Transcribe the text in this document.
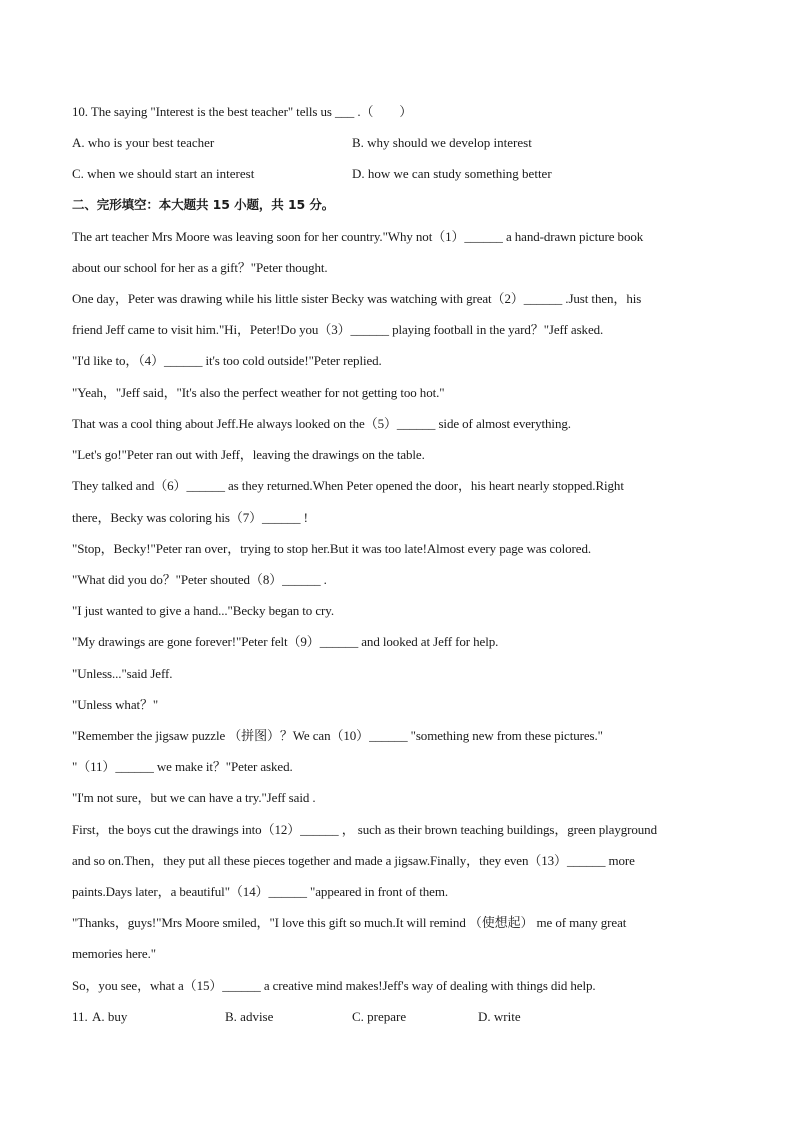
10. The saying "Interest is the best teacher" tells us ___ .（　　）
A. who is your best teacher	B. why should we develop interest
C. when we should start an interest	D. how we can study something better
二、完形填空：本大题共 15 小题，共 15 分。
The art teacher Mrs Moore was leaving soon for her country."Why not（1）______ a hand-drawn picture book
about our school for her as a gift？"Peter thought.
One day，Peter was drawing while his little sister Becky was watching with great（2）______ .Just then，his
friend Jeff came to visit him."Hi，Peter!Do you（3）______ playing football in the yard？"Jeff asked.
"I'd like to，（4）______ it's too cold outside!"Peter replied.
"Yeah，"Jeff said，"It's also the perfect weather for not getting too hot."
That was a cool thing about Jeff.He always looked on the（5）______ side of almost everything.
"Let's go!"Peter ran out with Jeff，leaving the drawings on the table.
They talked and（6）______ as they returned.When Peter opened the door，his heart nearly stopped.Right
there，Becky was coloring his（7）______ !
"Stop，Becky!"Peter ran over，trying to stop her.But it was too late!Almost every page was colored.
"What did you do？"Peter shouted（8）______ .
"I just wanted to give a hand..."Becky began to cry.
"My drawings are gone forever!"Peter felt（9）______ and looked at Jeff for help.
"Unless..."said Jeff.
"Unless what？"
"Remember the jigsaw puzzle （拼图）？We can（10）______ "something new from these pictures."
"（11）______ we make it？"Peter asked.
"I'm not sure，but we can have a try."Jeff said .
First，the boys cut the drawings into（12）______ ， such as their brown teaching buildings，green playground
and so on.Then，they put all these pieces together and made a jigsaw.Finally，they even（13）______ more
paints.Days later，a beautiful"（14）______ "appeared in front of them.
"Thanks，guys!"Mrs Moore smiled，"I love this gift so much.It will remind （使想起） me of many great
memories here."
So，you see，what a（15）______ a creative mind makes!Jeff's way of dealing with things did help.
11. A. buy	B. advise	C. prepare	D. write
